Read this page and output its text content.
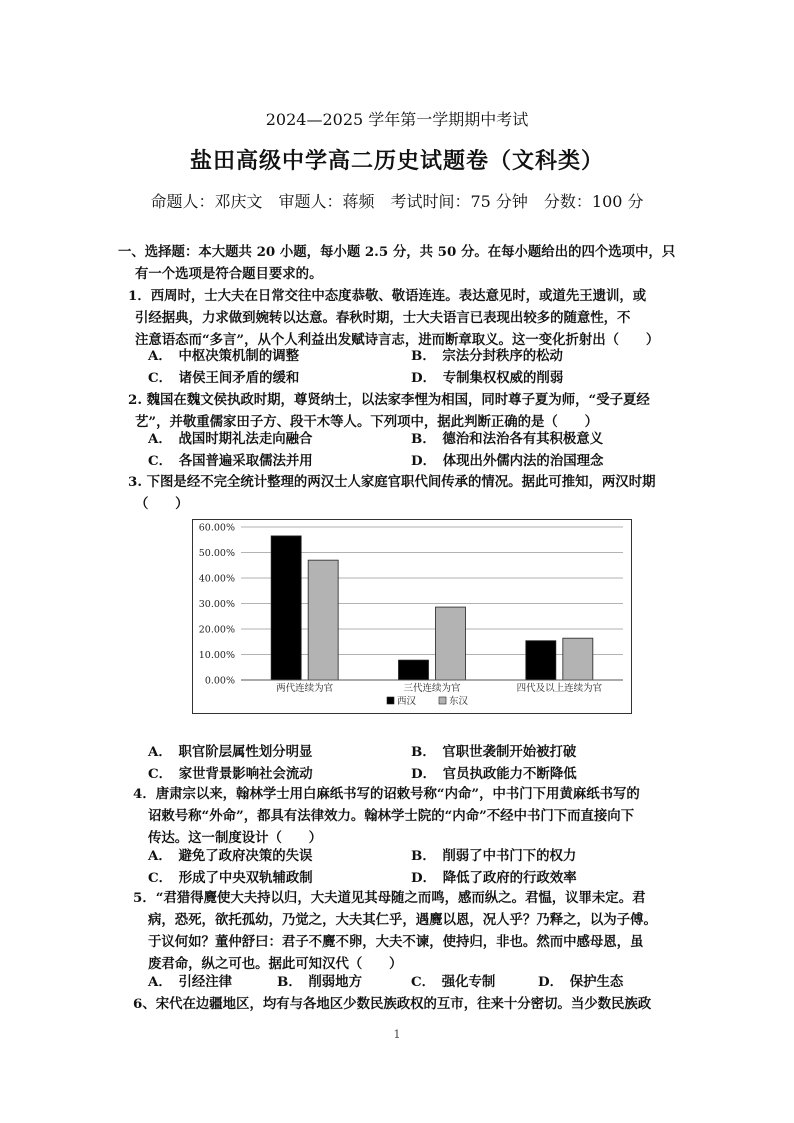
2024—2025 学年第一学期期中考试
盐田高级中学高二历史试题卷（文科类）
命题人：邓庆文　审题人：蒋频　考试时间：75 分钟　分数：100 分
一、选择题：本大题共 20 小题，每小题 2.5 分，共 50 分。在每小题给出的四个选项中，只
有一个选项是符合题目要求的。
1．西周时，士大夫在日常交往中态度恭敬、敬语连连。表达意见时，或道先王遗训，或
引经据典，力求做到婉转以达意。春秋时期，士大夫语言已表现出较多的随意性，不
注意语态而“多言”，从个人利益出发赋诗言志，进而断章取义。这一变化折射出（　　）
A．　中枢决策机制的调整	B．　宗法分封秩序的松动
C．　诸侯王间矛盾的缓和	D．　专制集权权威的削弱
2. 魏国在魏文侯执政时期，尊贤纳士，以法家李悝为相国，同时尊子夏为师，“受子夏经
艺”，并敬重儒家田子方、段干木等人。下列项中，据此判断正确的是（　　）
A．　战国时期礼法走向融合	B．　德治和法治各有其积极意义
C．　各国普遍采取儒法并用	D．　体现出外儒内法的治国理念
3. 下图是经不完全统计整理的两汉士人家庭官职代间传承的情况。据此可推知，两汉时期
（　　）
60.00%
50.00%
40.00%
30.00%
20.00%
10.00%
0.00%
两代连续为官	三代连续为官	四代及以上连续为官
西汉	东汉
A．　职官阶层属性划分明显	B．　官职世袭制开始被打破
C．　家世背景影响社会流动	D．　官员执政能力不断降低
4．唐肃宗以来，翰林学士用白麻纸书写的诏敕号称“内命”，中书门下用黄麻纸书写的
诏敕号称“外命”，都具有法律效力。翰林学士院的“内命”不经中书门下而直接向下
传达。这一制度设计（　　）
A．　避免了政府决策的失误	B．　削弱了中书门下的权力
C．　形成了中央双轨辅政制	D．　降低了政府的行政效率
5．“君猎得麑使大夫持以归，大夫道见其母随之而鸣，感而纵之。君愠，议罪未定。君
病，恐死，欲托孤幼，乃觉之，大夫其仁乎，遇麑以恩，况人乎？乃释之，以为子傅。
于议何如？董仲舒曰：君子不麑不卵，大夫不谏，使持归，非也。然而中感母恩，虽
废君命，纵之可也。据此可知汉代（　　）
A．　引经注律	B．　削弱地方	C．　强化专制	D．　保护生态
6、宋代在边疆地区，均有与各地区少数民族政权的互市，往来十分密切。当少数民族政
1
